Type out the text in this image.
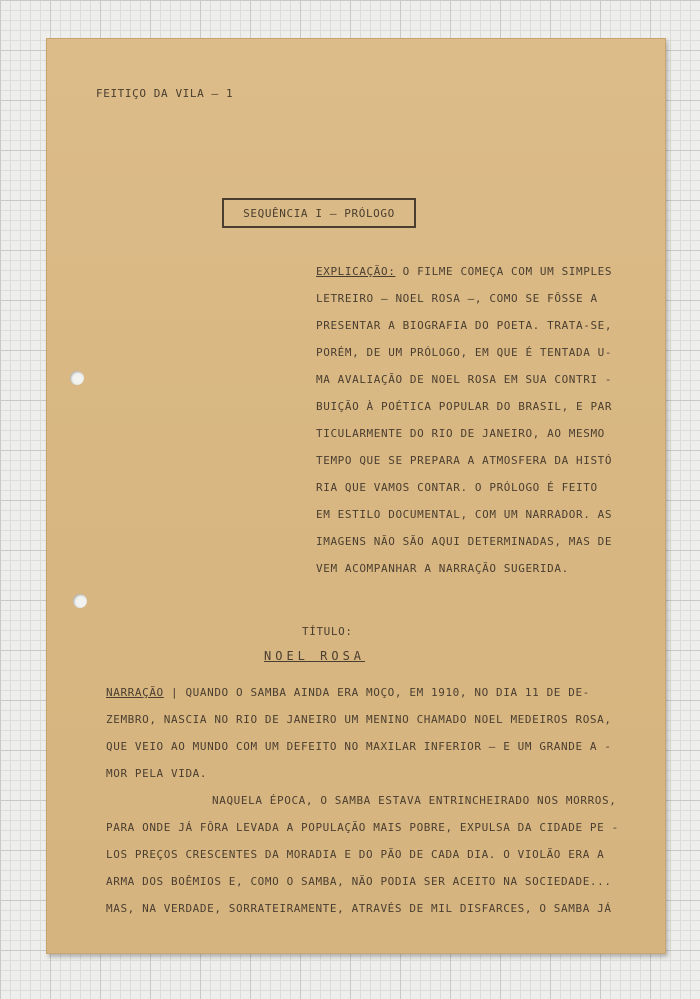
FEITIÇO DA VILA — 1
SEQUÊNCIA I — PRÓLOGO
EXPLICAÇÃO: O FILME COMEÇA COM UM SIMPLES
LETREIRO — NOEL ROSA —, COMO SE FÔSSE A
PRESENTAR A BIOGRAFIA DO POETA. TRATA-SE,
PORÉM, DE UM PRÓLOGO, EM QUE É TENTADA U-
MA AVALIAÇÃO DE NOEL ROSA EM SUA CONTRI -
BUIÇÃO À POÉTICA POPULAR DO BRASIL, E PAR
TICULARMENTE DO RIO DE JANEIRO, AO MESMO
TEMPO QUE SE PREPARA A ATMOSFERA DA HISTÓ
RIA QUE VAMOS CONTAR. O PRÓLOGO É FEITO
EM ESTILO DOCUMENTAL, COM UM NARRADOR. AS
IMAGENS NÃO SÃO AQUI DETERMINADAS, MAS DE
VEM ACOMPANHAR A NARRAÇÃO SUGERIDA.
TÍTULO:
NOEL ROSA
NARRAÇÃO | QUANDO O SAMBA AINDA ERA MOÇO, EM 1910, NO DIA 11 DE DE-
ZEMBRO, NASCIA NO RIO DE JANEIRO UM MENINO CHAMADO NOEL MEDEIROS ROSA,
QUE VEIO AO MUNDO COM UM DEFEITO NO MAXILAR INFERIOR — E UM GRANDE A -
MOR PELA VIDA.
NAQUELA ÉPOCA, O SAMBA ESTAVA ENTRINCHEIRADO NOS MORROS,
PARA ONDE JÁ FÔRA LEVADA A POPULAÇÃO MAIS POBRE, EXPULSA DA CIDADE PE -
LOS PREÇOS CRESCENTES DA MORADIA E DO PÃO DE CADA DIA. O VIOLÃO ERA A
ARMA DOS BOÊMIOS E, COMO O SAMBA, NÃO PODIA SER ACEITO NA SOCIEDADE...
MAS, NA VERDADE, SORRATEIRAMENTE, ATRAVÉS DE MIL DISFARCES, O SAMBA JÁ
